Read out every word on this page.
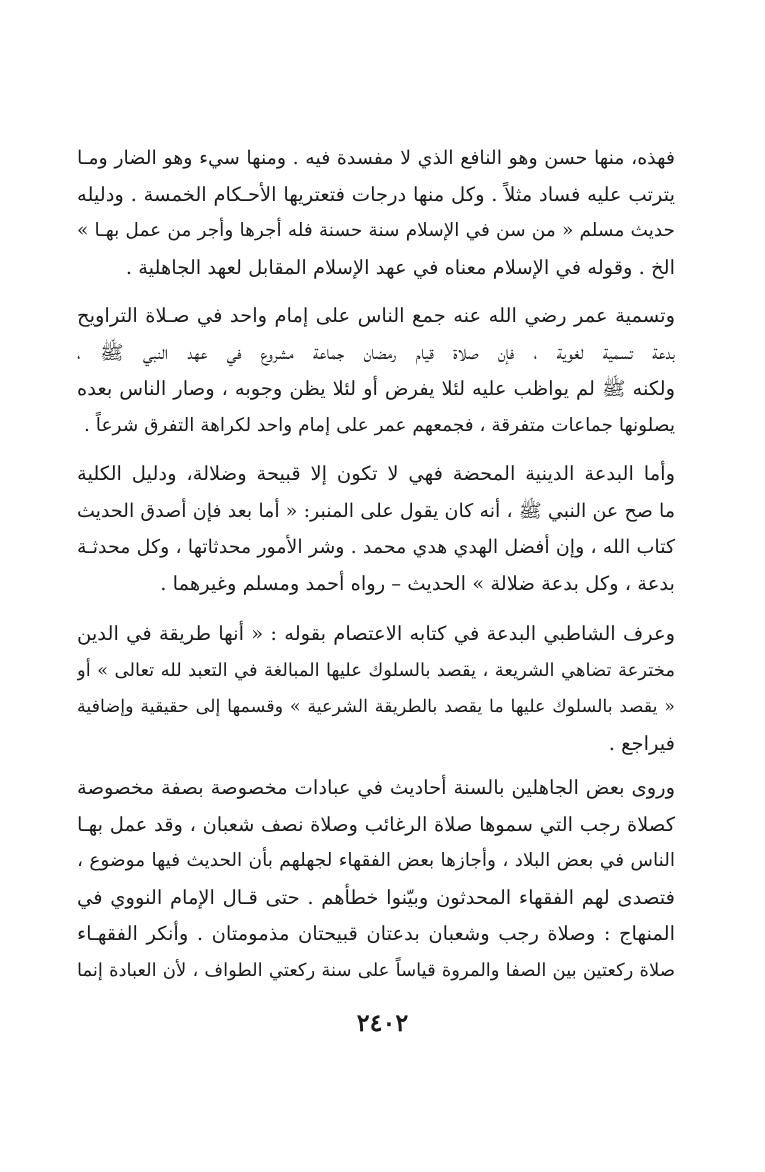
فهذه، منها حسن وهو النافع الذي لا مفسدة فيه . ومنها سيء وهو الضار ومـا
يترتب عليه فساد مثلاً . وكل منها درجات فتعتريها الأحـكام الخمسة . ودليله
حديث مسلم « من سن في الإسلام سنة حسنة فله أجرها وأجر من عمل بهـا »
الخ . وقوله في الإسلام معناه في عهد الإسلام المقابل لعهد الجاهلية .
وتسمية عمر رضي الله عنه جمع الناس على إمام واحد في صـلاة التراويح
بدعة تسمية لغوية ، فإن صلاة قيام رمضان جماعة مشروع في عهد النبي ﷺ ،
ولكنه ﷺ لم يواظب عليه لئلا يفرض أو لئلا يظن وجوبه ، وصار الناس بعده
يصلونها جماعات متفرقة ، فجمعهم عمر على إمام واحد لكراهة التفرق شرعاً .
وأما البدعة الدينية المحضة فهي لا تكون إلا قبيحة وضلالة، ودليل الكلية
ما صح عن النبي ﷺ ، أنه كان يقول على المنبر: « أما بعد فإن أصدق الحديث
كتاب الله ، وإن أفضل الهدي هدي محمد . وشر الأمور محدثاتها ، وكل محدثـة
بدعة ، وكل بدعة ضلالة » الحديث – رواه أحمد ومسلم وغيرهما .
وعرف الشاطبي البدعة في كتابه الاعتصام بقوله : « أنها طريقة في الدين
مخترعة تضاهي الشريعة ، يقصد بالسلوك عليها المبالغة في التعبد لله تعالى » أو
« يقصد بالسلوك عليها ما يقصد بالطريقة الشرعية » وقسمها إلى حقيقية وإضافية
فيراجع .
وروى بعض الجاهلين بالسنة أحاديث في عبادات مخصوصة بصفة مخصوصة
كصلاة رجب التي سموها صلاة الرغائب وصلاة نصف شعبان ، وقد عمل بهـا
الناس في بعض البلاد ، وأجازها بعض الفقهاء لجهلهم بأن الحديث فيها موضوع ،
فتصدى لهم الفقهاء المحدثون وبيّنوا خطأهم . حتى قـال الإمام النووي في
المنهاج : وصلاة رجب وشعبان بدعتان قبيحتان مذمومتان . وأنكر الفقهـاء
صلاة ركعتين بين الصفا والمروة قياساً على سنة ركعتي الطواف ، لأن العبادة إنما
٢٤٠٢
